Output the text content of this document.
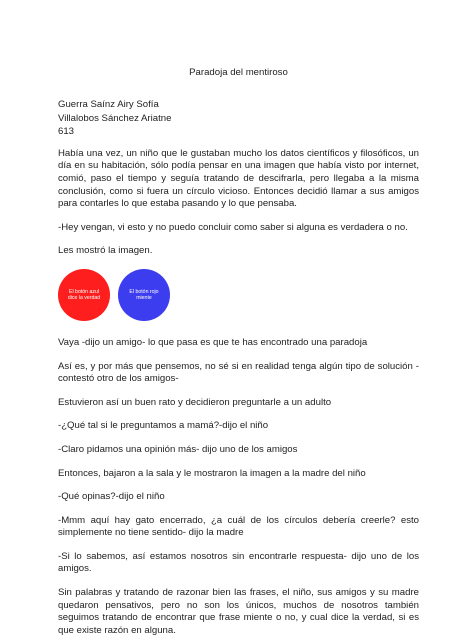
Paradoja del mentiroso

Guerra Saínz Airy Sofía

Villalobos Sánchez Ariatne

613

Había una vez, un niño que le gustaban mucho los datos científicos y filosóficos, un día en su habitación, sólo podía pensar en una imagen que había visto por internet, comió, paso el tiempo y seguía tratando de descifrarla, pero llegaba a la misma conclusión, como si fuera un círculo vicioso. Entonces decidió llamar a sus amigos para contarles lo que estaba pasando y lo que pensaba.

-Hey vengan, vi esto y no puedo concluir como saber si alguna es verdadera o no.

Les mostró la imagen.

El botón azul dice la verdad
El botón rojo miente

Vaya -dijo un amigo- lo que pasa es que te has encontrado una paradoja

Así es, y por más que pensemos, no sé si en realidad tenga algún tipo de solución -contestó otro de los amigos-

Estuvieron así un buen rato y decidieron preguntarle a un adulto

-¿Qué tal si le preguntamos a mamá?-dijo el niño

-Claro pidamos una opinión más- dijo uno de los amigos

Entonces, bajaron a la sala y le mostraron la imagen a la madre del niño

-Qué opinas?-dijo el niño

-Mmm aquí hay gato encerrado, ¿a cuál de los círculos debería creerle? esto simplemente no tiene sentido- dijo la madre

-Si lo sabemos, así estamos nosotros sin encontrarle respuesta- dijo uno de los amigos.

Sin palabras y tratando de razonar bien las frases, el niño, sus amigos y su madre quedaron pensativos, pero no son los únicos, muchos de nosotros también seguimos tratando de encontrar que frase miente o no, y cual dice la verdad, si es que existe razón en alguna.
